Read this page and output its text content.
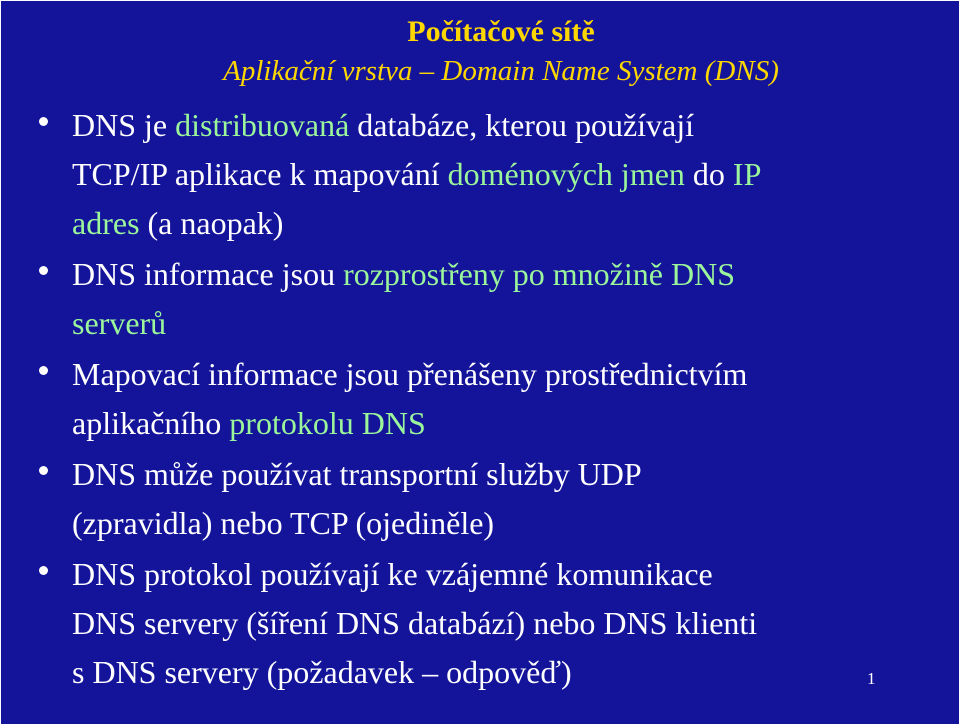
Počítačové sítě
Aplikační vrstva – Domain Name System (DNS)
DNS je distribuovaná databáze, kterou používají
TCP/IP aplikace k mapování doménových jmen do IP
adres (a naopak)
DNS informace jsou rozprostřeny po množině DNS
serverů
Mapovací informace jsou přenášeny prostřednictvím
aplikačního protokolu DNS
DNS může používat transportní služby UDP
(zpravidla) nebo TCP (ojediněle)
DNS protokol používají ke vzájemné komunikace
DNS servery (šíření DNS databází) nebo DNS klienti
s DNS servery (požadavek – odpověď)	1
